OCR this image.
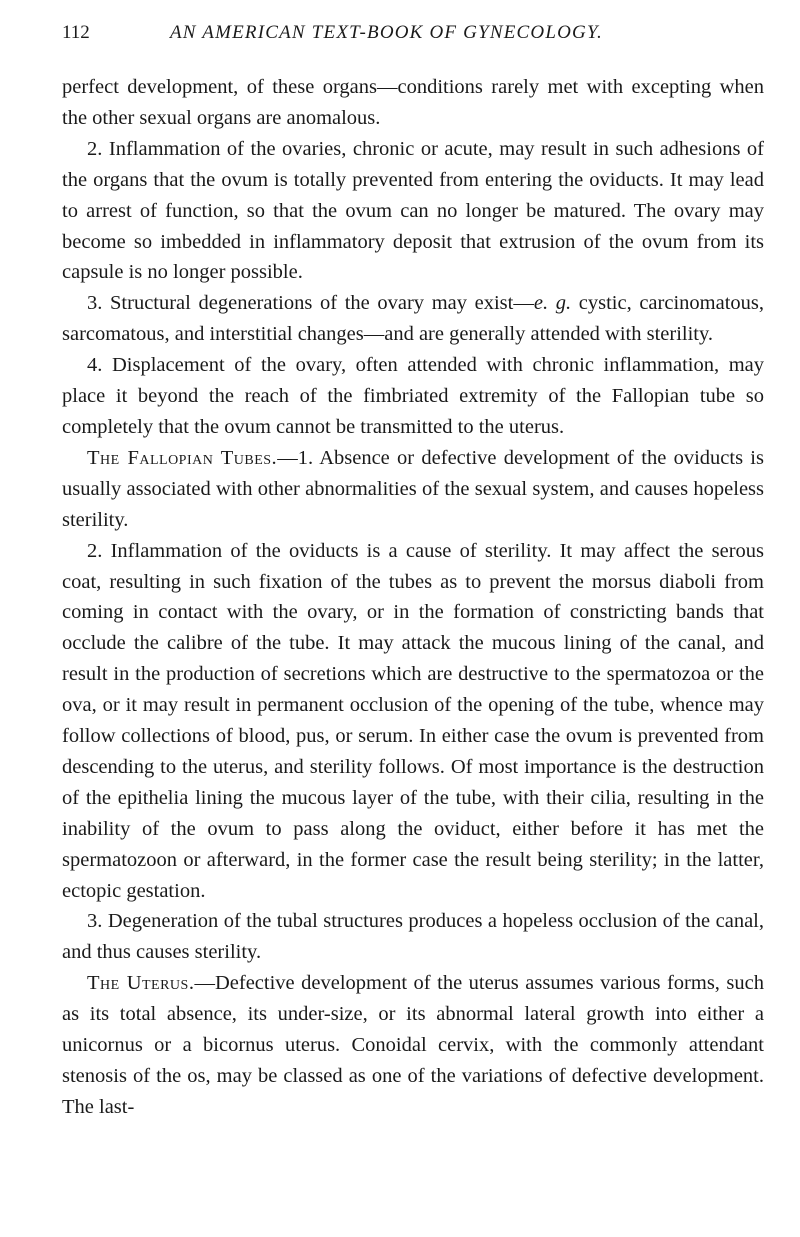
112	AN AMERICAN TEXT-BOOK OF GYNECOLOGY.

perfect development, of these organs—conditions rarely met with excepting when the other sexual organs are anomalous.

2. Inflammation of the ovaries, chronic or acute, may result in such adhesions of the organs that the ovum is totally prevented from entering the oviducts. It may lead to arrest of function, so that the ovum can no longer be matured. The ovary may become so imbedded in inflammatory deposit that extrusion of the ovum from its capsule is no longer possible.

3. Structural degenerations of the ovary may exist—e. g. cystic, carcinomatous, sarcomatous, and interstitial changes—and are generally attended with sterility.

4. Displacement of the ovary, often attended with chronic inflammation, may place it beyond the reach of the fimbriated extremity of the Fallopian tube so completely that the ovum cannot be transmitted to the uterus.

The Fallopian Tubes.—1. Absence or defective development of the oviducts is usually associated with other abnormalities of the sexual system, and causes hopeless sterility.

2. Inflammation of the oviducts is a cause of sterility. It may affect the serous coat, resulting in such fixation of the tubes as to prevent the morsus diaboli from coming in contact with the ovary, or in the formation of constricting bands that occlude the calibre of the tube. It may attack the mucous lining of the canal, and result in the production of secretions which are destructive to the spermatozoa or the ova, or it may result in permanent occlusion of the opening of the tube, whence may follow collections of blood, pus, or serum. In either case the ovum is prevented from descending to the uterus, and sterility follows. Of most importance is the destruction of the epithelia lining the mucous layer of the tube, with their cilia, resulting in the inability of the ovum to pass along the oviduct, either before it has met the spermatozoon or afterward, in the former case the result being sterility; in the latter, ectopic gestation.

3. Degeneration of the tubal structures produces a hopeless occlusion of the canal, and thus causes sterility.

The Uterus.—Defective development of the uterus assumes various forms, such as its total absence, its under-size, or its abnormal lateral growth into either a unicornus or a bicornus uterus. Conoidal cervix, with the commonly attendant stenosis of the os, may be classed as one of the variations of defective development. The last-
